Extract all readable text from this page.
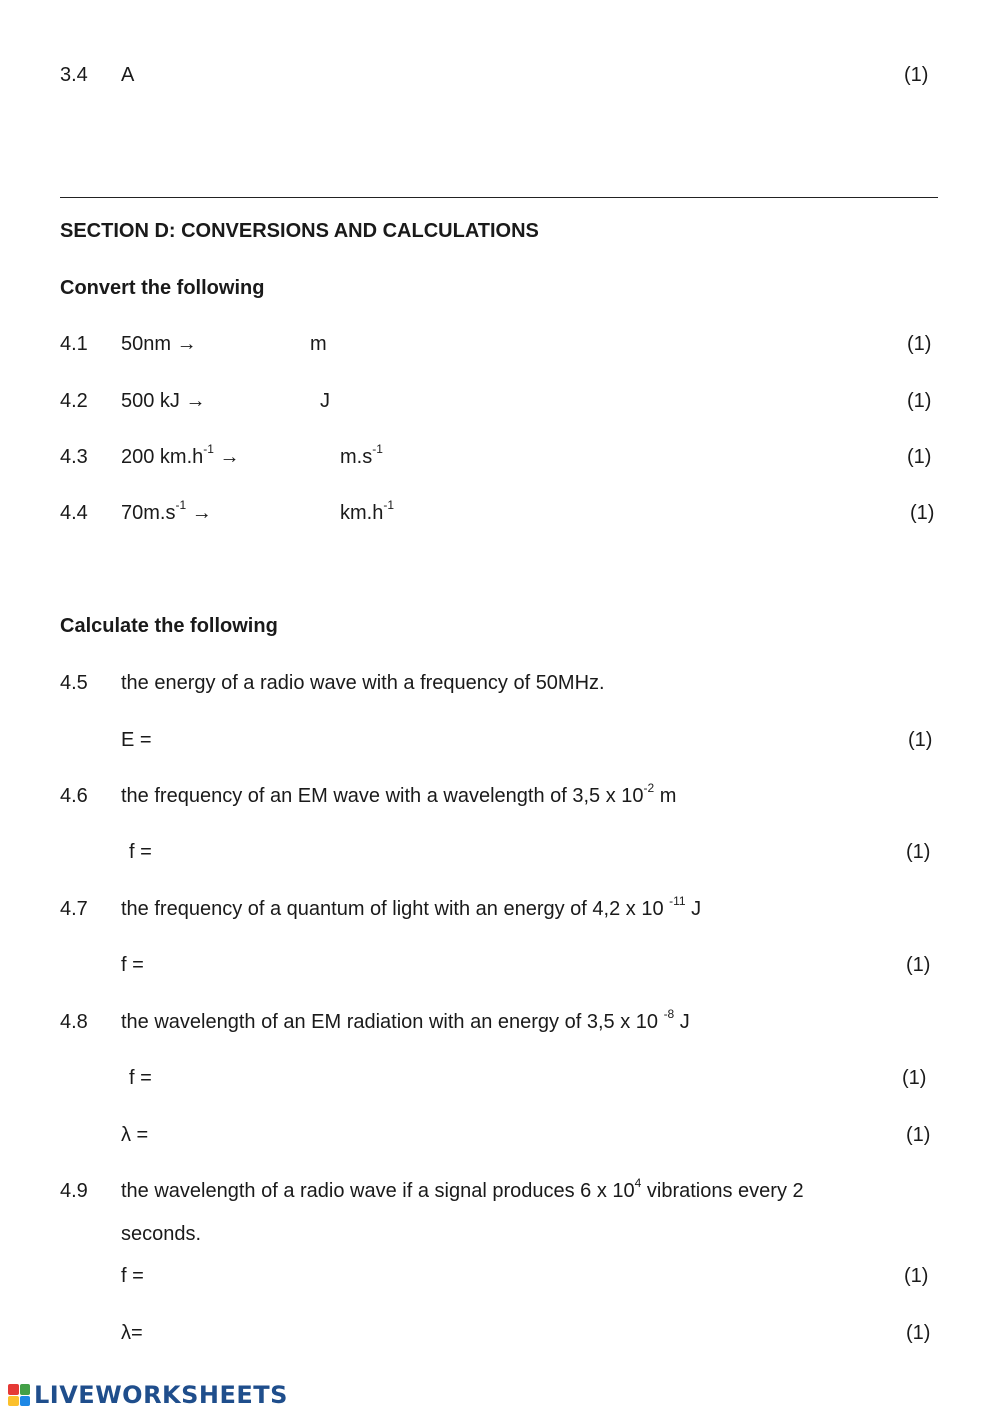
3.4 A	(1)
SECTION D: CONVERSIONS AND CALCULATIONS
Convert the following
4.1 50nm →	m	(1)
4.2 500 kJ →	J	(1)
4.3 200 $km.h^{-1}$ →	$m.s^{-1}$	(1)
4.4 $70m.s^{-1}$ →	$km.h^{-1}$	(1)
Calculate the following
4.5 the energy of a radio wave with a frequency of 50MHz.
E =	(1)
4.6 the frequency of an EM wave with a wavelength of 3,5 x $10^{-2}$ m
f =	(1)
4.7 the frequency of a quantum of light with an energy of 4,2 x 10 $^{-11}$ J
f =	(1)
4.8 the wavelength of an EM radiation with an energy of 3,5 x 10 $^{-8}$ J
f =	(1)
λ =	(1)
4.9 the wavelength of a radio wave if a signal produces 6 x $10^4$ vibrations every 2
seconds.
f =	(1)
λ=	(1)
LIVEWORKSHEETS
